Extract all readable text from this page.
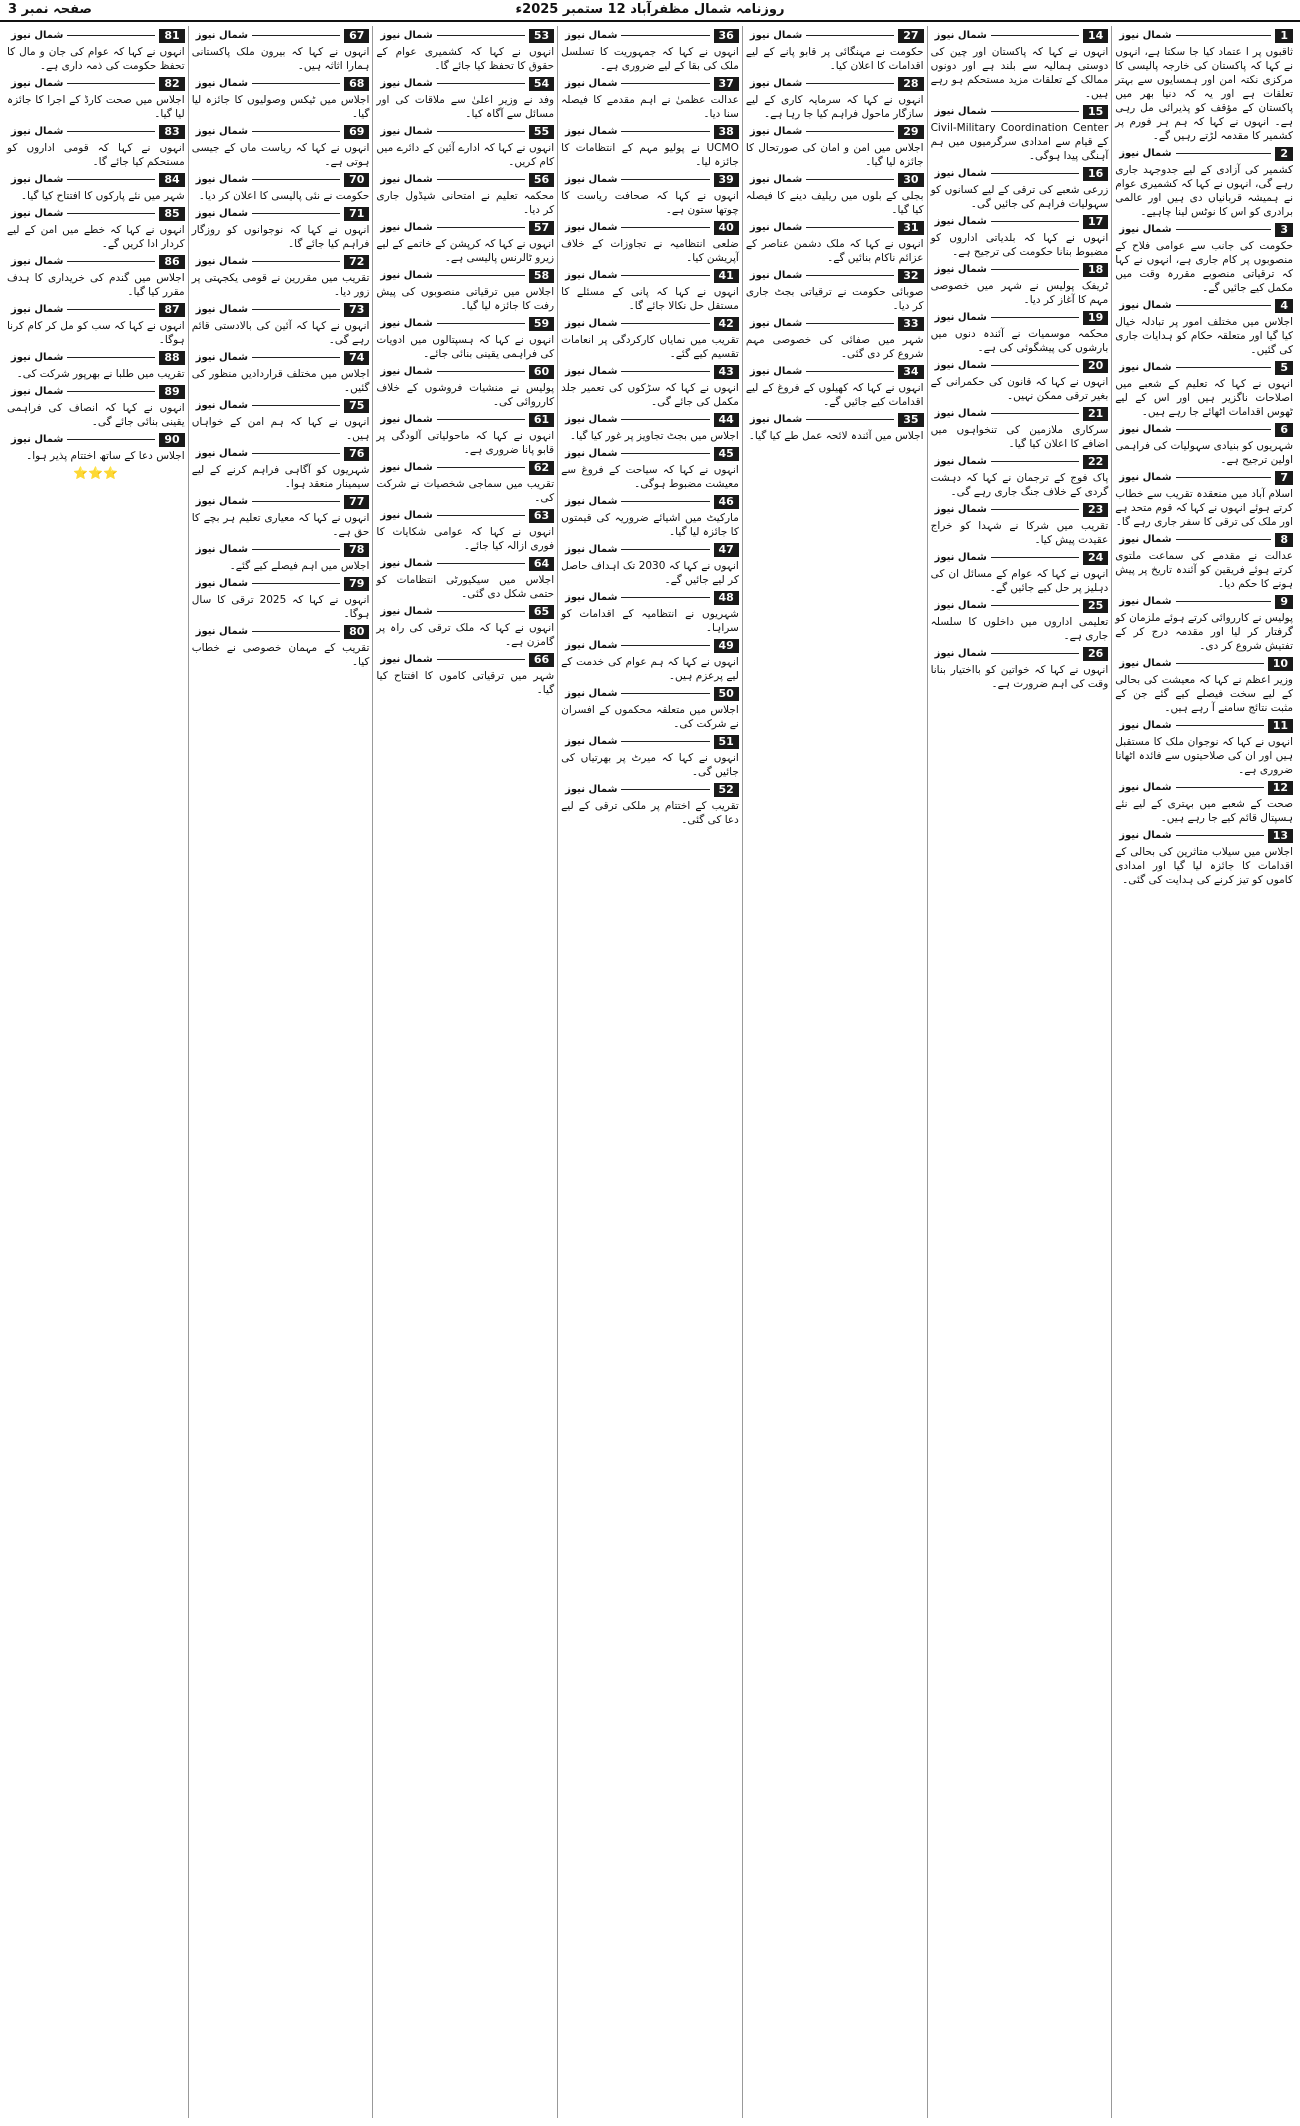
صفحہ نمبر 3	روزنامہ شمال مظفرآباد 12 ستمبر 2025ء
1
شمال نیوز

ثاقبوں پر ا عتماد کیا جا سکتا ہے، انہوں نے کہا کہ پاکستان کی خارجہ پالیسی کا مرکزی نکتہ امن اور ہمسایوں سے بہتر تعلقات ہے اور یہ کہ دنیا بھر میں پاکستان کے مؤقف کو پذیرائی مل رہی ہے۔ انہوں نے کہا کہ ہم ہر فورم پر کشمیر کا مقدمہ لڑتے رہیں گے۔

2
شمال نیوز

کشمیر کی آزادی کے لیے جدوجہد جاری رہے گی، انہوں نے کہا کہ کشمیری عوام نے ہمیشہ قربانیاں دی ہیں اور عالمی برادری کو اس کا نوٹس لینا چاہیے۔

3
شمال نیوز

حکومت کی جانب سے عوامی فلاح کے منصوبوں پر کام جاری ہے، انہوں نے کہا کہ ترقیاتی منصوبے مقررہ وقت میں مکمل کیے جائیں گے۔

4
شمال نیوز

اجلاس میں مختلف امور پر تبادلہ خیال کیا گیا اور متعلقہ حکام کو ہدایات جاری کی گئیں۔

5
شمال نیوز

انہوں نے کہا کہ تعلیم کے شعبے میں اصلاحات ناگزیر ہیں اور اس کے لیے ٹھوس اقدامات اٹھائے جا رہے ہیں۔

6
شمال نیوز

شہریوں کو بنیادی سہولیات کی فراہمی اولین ترجیح ہے۔

7
شمال نیوز

اسلام آباد میں منعقدہ تقریب سے خطاب کرتے ہوئے انہوں نے کہا کہ قوم متحد ہے اور ملک کی ترقی کا سفر جاری رہے گا۔

8
شمال نیوز

عدالت نے مقدمے کی سماعت ملتوی کرتے ہوئے فریقین کو آئندہ تاریخ پر پیش ہونے کا حکم دیا۔

9
شمال نیوز

پولیس نے کارروائی کرتے ہوئے ملزمان کو گرفتار کر لیا اور مقدمہ درج کر کے تفتیش شروع کر دی۔

10
شمال نیوز

وزیر اعظم نے کہا کہ معیشت کی بحالی کے لیے سخت فیصلے کیے گئے جن کے مثبت نتائج سامنے آ رہے ہیں۔

11
شمال نیوز

انہوں نے کہا کہ نوجوان ملک کا مستقبل ہیں اور ان کی صلاحیتوں سے فائدہ اٹھانا ضروری ہے۔

12
شمال نیوز

صحت کے شعبے میں بہتری کے لیے نئے ہسپتال قائم کیے جا رہے ہیں۔

13
شمال نیوز

اجلاس میں سیلاب متاثرین کی بحالی کے اقدامات کا جائزہ لیا گیا اور امدادی کاموں کو تیز کرنے کی ہدایت کی گئی۔

14
شمال نیوز

انہوں نے کہا کہ پاکستان اور چین کی دوستی ہمالیہ سے بلند ہے اور دونوں ممالک کے تعلقات مزید مستحکم ہو رہے ہیں۔

15
شمال نیوز

Civil-Military Coordination Center کے قیام سے امدادی سرگرمیوں میں ہم آہنگی پیدا ہوگی۔

16
شمال نیوز

زرعی شعبے کی ترقی کے لیے کسانوں کو سہولیات فراہم کی جائیں گی۔

17
شمال نیوز

انہوں نے کہا کہ بلدیاتی اداروں کو مضبوط بنانا حکومت کی ترجیح ہے۔

18
شمال نیوز

ٹریفک پولیس نے شہر میں خصوصی مہم کا آغاز کر دیا۔

19
شمال نیوز

محکمہ موسمیات نے آئندہ دنوں میں بارشوں کی پیشگوئی کی ہے۔

20
شمال نیوز

انہوں نے کہا کہ قانون کی حکمرانی کے بغیر ترقی ممکن نہیں۔

21
شمال نیوز

سرکاری ملازمین کی تنخواہوں میں اضافے کا اعلان کیا گیا۔

22
شمال نیوز

پاک فوج کے ترجمان نے کہا کہ دہشت گردی کے خلاف جنگ جاری رہے گی۔

23
شمال نیوز

تقریب میں شرکا نے شہدا کو خراج عقیدت پیش کیا۔

24
شمال نیوز

انہوں نے کہا کہ عوام کے مسائل ان کی دہلیز پر حل کیے جائیں گے۔

25
شمال نیوز

تعلیمی اداروں میں داخلوں کا سلسلہ جاری ہے۔

26
شمال نیوز

انہوں نے کہا کہ خواتین کو بااختیار بنانا وقت کی اہم ضرورت ہے۔

27
شمال نیوز

حکومت نے مہنگائی پر قابو پانے کے لیے اقدامات کا اعلان کیا۔

28
شمال نیوز

انہوں نے کہا کہ سرمایہ کاری کے لیے سازگار ماحول فراہم کیا جا رہا ہے۔

29
شمال نیوز

اجلاس میں امن و امان کی صورتحال کا جائزہ لیا گیا۔

30
شمال نیوز

بجلی کے بلوں میں ریلیف دینے کا فیصلہ کیا گیا۔

31
شمال نیوز

انہوں نے کہا کہ ملک دشمن عناصر کے عزائم ناکام بنائیں گے۔

32
شمال نیوز

صوبائی حکومت نے ترقیاتی بجٹ جاری کر دیا۔

33
شمال نیوز

شہر میں صفائی کی خصوصی مہم شروع کر دی گئی۔

34
شمال نیوز

انہوں نے کہا کہ کھیلوں کے فروغ کے لیے اقدامات کیے جائیں گے۔

35
شمال نیوز

اجلاس میں آئندہ لائحہ عمل طے کیا گیا۔

36
شمال نیوز

انہوں نے کہا کہ جمہوریت کا تسلسل ملک کی بقا کے لیے ضروری ہے۔

37
شمال نیوز

عدالت عظمیٰ نے اہم مقدمے کا فیصلہ سنا دیا۔

38
شمال نیوز

UCMO نے پولیو مہم کے انتظامات کا جائزہ لیا۔

39
شمال نیوز

انہوں نے کہا کہ صحافت ریاست کا چوتھا ستون ہے۔

40
شمال نیوز

ضلعی انتظامیہ نے تجاوزات کے خلاف آپریشن کیا۔

41
شمال نیوز

انہوں نے کہا کہ پانی کے مسئلے کا مستقل حل نکالا جائے گا۔

42
شمال نیوز

تقریب میں نمایاں کارکردگی پر انعامات تقسیم کیے گئے۔

43
شمال نیوز

انہوں نے کہا کہ سڑکوں کی تعمیر جلد مکمل کی جائے گی۔

44
شمال نیوز

اجلاس میں بجٹ تجاویز پر غور کیا گیا۔

45
شمال نیوز

انہوں نے کہا کہ سیاحت کے فروغ سے معیشت مضبوط ہوگی۔

46
شمال نیوز

مارکیٹ میں اشیائے ضروریہ کی قیمتوں کا جائزہ لیا گیا۔

47
شمال نیوز

انہوں نے کہا کہ 2030 تک اہداف حاصل کر لیے جائیں گے۔

48
شمال نیوز

شہریوں نے انتظامیہ کے اقدامات کو سراہا۔

49
شمال نیوز

انہوں نے کہا کہ ہم عوام کی خدمت کے لیے پرعزم ہیں۔

50
شمال نیوز

اجلاس میں متعلقہ محکموں کے افسران نے شرکت کی۔

51
شمال نیوز

انہوں نے کہا کہ میرٹ پر بھرتیاں کی جائیں گی۔

52
شمال نیوز

تقریب کے اختتام پر ملکی ترقی کے لیے دعا کی گئی۔

53
شمال نیوز

انہوں نے کہا کہ کشمیری عوام کے حقوق کا تحفظ کیا جائے گا۔

54
شمال نیوز

وفد نے وزیر اعلیٰ سے ملاقات کی اور مسائل سے آگاہ کیا۔

55
شمال نیوز

انہوں نے کہا کہ ادارے آئین کے دائرے میں کام کریں۔

56
شمال نیوز

محکمہ تعلیم نے امتحانی شیڈول جاری کر دیا۔

57
شمال نیوز

انہوں نے کہا کہ کرپشن کے خاتمے کے لیے زیرو ٹالرنس پالیسی ہے۔

58
شمال نیوز

اجلاس میں ترقیاتی منصوبوں کی پیش رفت کا جائزہ لیا گیا۔

59
شمال نیوز

انہوں نے کہا کہ ہسپتالوں میں ادویات کی فراہمی یقینی بنائی جائے۔

60
شمال نیوز

پولیس نے منشیات فروشوں کے خلاف کارروائی کی۔

61
شمال نیوز

انہوں نے کہا کہ ماحولیاتی آلودگی پر قابو پانا ضروری ہے۔

62
شمال نیوز

تقریب میں سماجی شخصیات نے شرکت کی۔

63
شمال نیوز

انہوں نے کہا کہ عوامی شکایات کا فوری ازالہ کیا جائے۔

64
شمال نیوز

اجلاس میں سیکیورٹی انتظامات کو حتمی شکل دی گئی۔

65
شمال نیوز

انہوں نے کہا کہ ملک ترقی کی راہ پر گامزن ہے۔

66
شمال نیوز

شہر میں ترقیاتی کاموں کا افتتاح کیا گیا۔

67
شمال نیوز

انہوں نے کہا کہ بیرون ملک پاکستانی ہمارا اثاثہ ہیں۔

68
شمال نیوز

اجلاس میں ٹیکس وصولیوں کا جائزہ لیا گیا۔

69
شمال نیوز

انہوں نے کہا کہ ریاست ماں کے جیسی ہوتی ہے۔

70
شمال نیوز

حکومت نے نئی پالیسی کا اعلان کر دیا۔

71
شمال نیوز

انہوں نے کہا کہ نوجوانوں کو روزگار فراہم کیا جائے گا۔

72
شمال نیوز

تقریب میں مقررین نے قومی یکجہتی پر زور دیا۔

73
شمال نیوز

انہوں نے کہا کہ آئین کی بالادستی قائم رہے گی۔

74
شمال نیوز

اجلاس میں مختلف قراردادیں منظور کی گئیں۔

75
شمال نیوز

انہوں نے کہا کہ ہم امن کے خواہاں ہیں۔

76
شمال نیوز

شہریوں کو آگاہی فراہم کرنے کے لیے سیمینار منعقد ہوا۔

77
شمال نیوز

انہوں نے کہا کہ معیاری تعلیم ہر بچے کا حق ہے۔

78
شمال نیوز

اجلاس میں اہم فیصلے کیے گئے۔

79
شمال نیوز

انہوں نے کہا کہ 2025 ترقی کا سال ہوگا۔

80
شمال نیوز

تقریب کے مہمان خصوصی نے خطاب کیا۔

81
شمال نیوز

انہوں نے کہا کہ عوام کی جان و مال کا تحفظ حکومت کی ذمہ داری ہے۔

82
شمال نیوز

اجلاس میں صحت کارڈ کے اجرا کا جائزہ لیا گیا۔

83
شمال نیوز

انہوں نے کہا کہ قومی اداروں کو مستحکم کیا جائے گا۔

84
شمال نیوز

شہر میں نئے پارکوں کا افتتاح کیا گیا۔

85
شمال نیوز

انہوں نے کہا کہ خطے میں امن کے لیے کردار ادا کریں گے۔

86
شمال نیوز

اجلاس میں گندم کی خریداری کا ہدف مقرر کیا گیا۔

87
شمال نیوز

انہوں نے کہا کہ سب کو مل کر کام کرنا ہوگا۔

88
شمال نیوز

تقریب میں طلبا نے بھرپور شرکت کی۔

89
شمال نیوز

انہوں نے کہا کہ انصاف کی فراہمی یقینی بنائی جائے گی۔

90
شمال نیوز

اجلاس دعا کے ساتھ اختتام پذیر ہوا۔

⭐⭐⭐
